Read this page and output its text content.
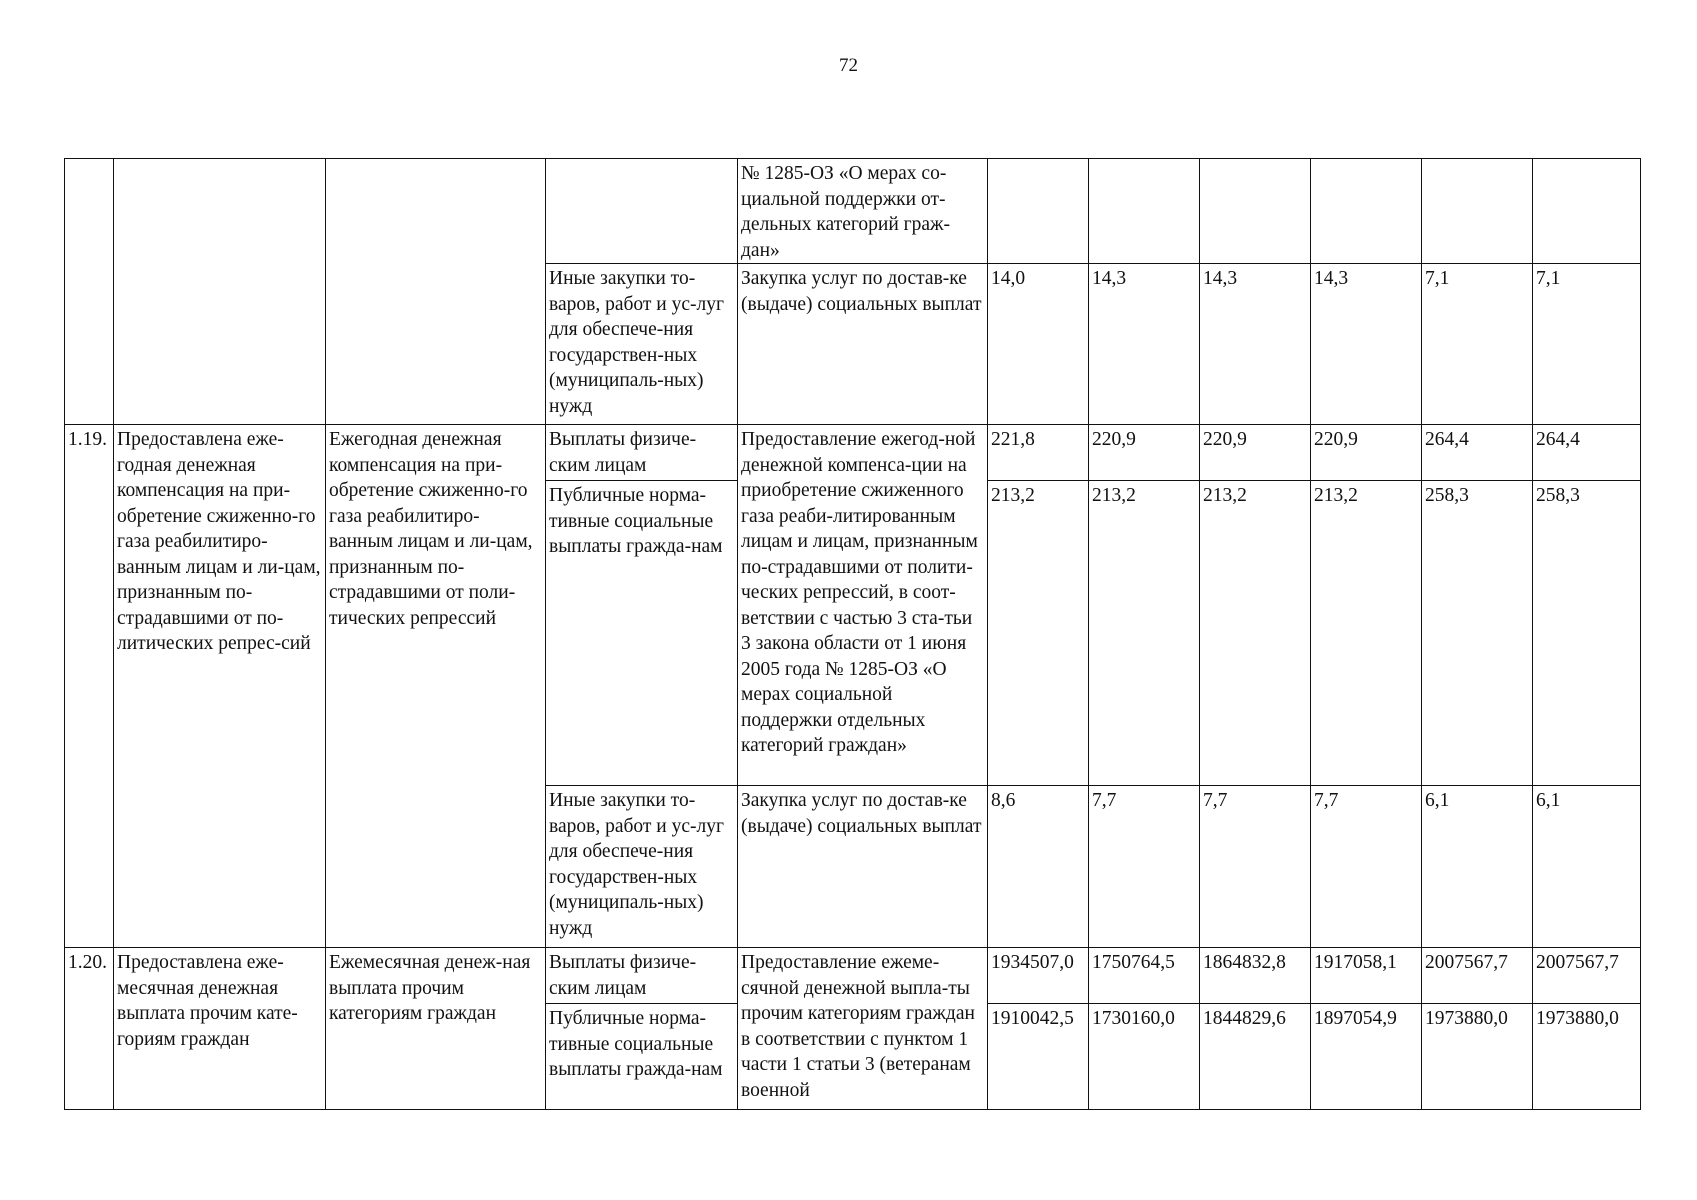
72
				№ 1285-ОЗ «О мерах со-циальной поддержки от-дельных категорий граж-дан»						
			Иные закупки то-варов, работ и ус-луг для обеспече-ния государствен-ных (муниципаль-ных) нужд	Закупка услуг по достав-ке (выдаче) социальных выплат	14,0	14,3	14,3	14,3	7,1	7,1
1.19.	Предоставлена еже-годная денежная компенсация на при-обретение сжиженно-го газа реабилитиро-ванным лицам и ли-цам, признанным по-страдавшими от по-литических репрес-сий	Ежегодная денежная компенсация на при-обретение сжиженно-го газа реабилитиро-ванным лицам и ли-цам, признанным по-страдавшими от поли-тических репрессий	Выплаты физиче-ским лицам	Предоставление ежегод-ной денежной компенса-ции на приобретение сжиженного газа реаби-литированным лицам и лицам, признанным по-страдавшими от полити-ческих репрессий, в соот-ветствии с частью 3 ста-тьи 3 закона области от 1 июня 2005 года № 1285-ОЗ «О мерах социальной поддержки отдельных категорий граждан»	221,8	220,9	220,9	220,9	264,4	264,4
			Публичные норма-тивные социальные выплаты гражда-нам		213,2	213,2	213,2	213,2	258,3	258,3
			Иные закупки то-варов, работ и ус-луг для обеспече-ния государствен-ных (муниципаль-ных) нужд	Закупка услуг по достав-ке (выдаче) социальных выплат	8,6	7,7	7,7	7,7	6,1	6,1
1.20.	Предоставлена еже-месячная денежная выплата прочим кате-гориям граждан	Ежемесячная денеж-ная выплата прочим категориям граждан	Выплаты физиче-ским лицам	Предоставление ежеме-сячной денежной выпла-ты прочим категориям граждан в соответствии с пунктом 1 части 1 статьи 3 (ветеранам военной	1934507,0	1750764,5	1864832,8	1917058,1	2007567,7	2007567,7
			Публичные норма-тивные социальные выплаты гражда-нам		1910042,5	1730160,0	1844829,6	1897054,9	1973880,0	1973880,0
